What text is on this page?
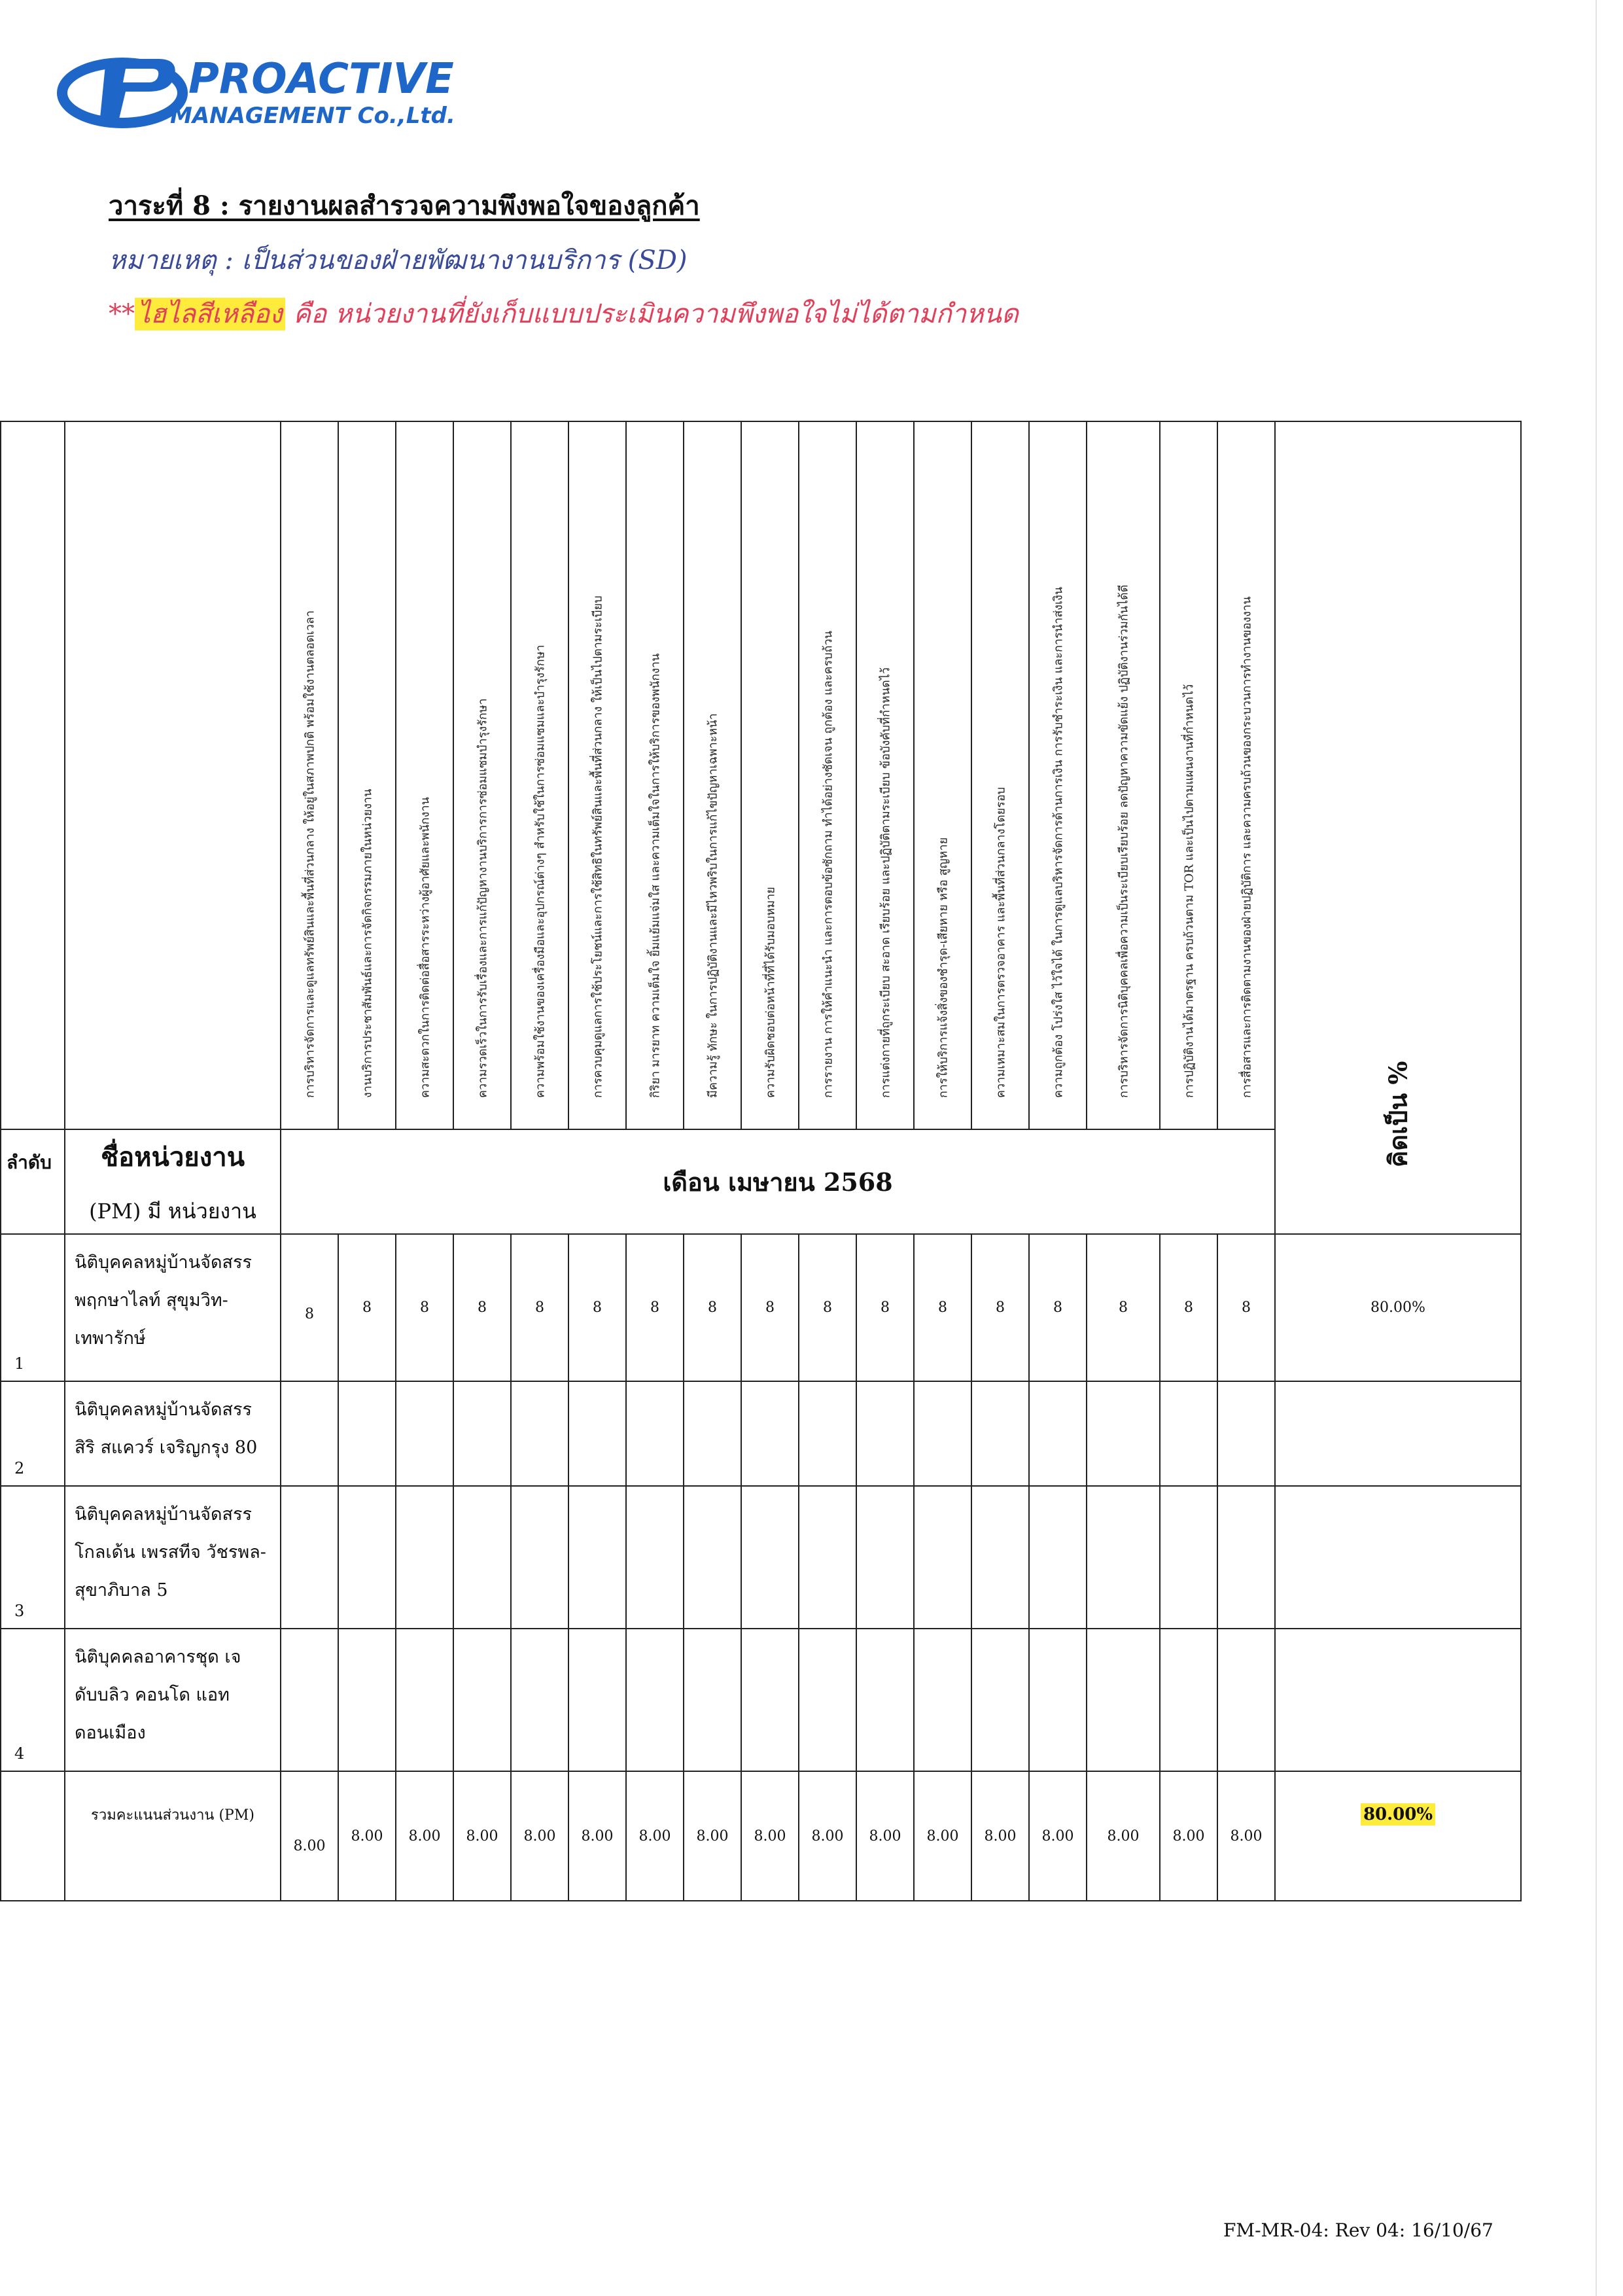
PROACTIVE
MANAGEMENT Co.,Ltd.
วาระที่ 8 : รายงานผลสำรวจความพึงพอใจของลูกค้า
หมายเหตุ : เป็นส่วนของฝ่ายพัฒนางานบริการ (SD)
** ไฮไลสีเหลือง คือ หน่วยงานที่ยังเก็บแบบประเมินความพึงพอใจไม่ได้ตามกำหนด

		การบริหารจัดการและดูแลทรัพย์สินและพื้นที่ส่วนกลาง ให้อยู่ในสภาพปกติ พร้อมใช้งานตลอดเวลา	งานบริการประชาสัมพันธ์และการจัดกิจกรรมภายในหน่วยงาน	ความสะดวกในการติดต่อสื่อสารระหว่างผู้อาศัยและพนักงาน	ความรวดเร็วในการรับเรื่องและการแก้ปัญหางานบริการการซ่อมแซมบำรุงรักษา	ความพร้อมใช้งานของเครื่องมือและอุปกรณ์ต่างๆ สำหรับใช้ในการซ่อมแซมและบำรุงรักษา	การควบคุมดูแลการใช้ประโยชน์และการใช้สิทธิในทรัพย์สินและพื้นที่ส่วนกลาง ให้เป็นไปตามระเบียบ	กิริยา มารยาท ความเต็มใจ ยิ้มแย้มแจ่มใส และความเต็มใจในการให้บริการของพนักงาน	มีความรู้ ทักษะ ในการปฏิบัติงานและมีไหวพริบในการแก้ไขปัญหาเฉพาะหน้า	ความรับผิดชอบต่อหน้าที่ที่ได้รับมอบหมาย	การรายงาน การให้คำแนะนำ และการตอบข้อซักถาม ทำได้อย่างชัดเจน ถูกต้อง และครบถ้วน	การแต่งกายที่ถูกระเบียบ สะอาด เรียบร้อย และปฏิบัติตามระเบียบ ข้อบังคับที่กำหนดไว้	การให้บริการแจ้งสิ่งของชำรุด-เสียหาย หรือ สูญหาย	ความเหมาะสมในการตรวจอาคาร และพื้นที่ส่วนกลางโดยรอบ	ความถูกต้อง โปร่งใส ไว้ใจได้ ในการดูแลบริหารจัดการด้านการเงิน การรับชำระเงิน และการนำส่งเงิน	การบริหารจัดการนิติบุคคลเพื่อความเป็นระเบียบเรียบร้อย ลดปัญหาความขัดแย้ง ปฏิบัติงานร่วมกันได้ดี	การปฏิบัติงานได้มาตรฐาน ครบถ้วนตาม TOR และเป็นไปตามแผนงานที่กำหนดไว้	การสื่อสารและการติดตามงานของฝ่ายปฏิบัติการ และความครบถ้วนของกระบวนการทำงานของงาน	คิดเป็น %

ลำดับ	ชื่อหน่วยงาน
(PM) มี หน่วยงาน	เดือน เมษายน 2568																	
1	นิติบุคคลหมู่บ้านจัดสรร
พฤกษาไลท์ สุขุมวิท-
เทพารักษ์	8	8	8	8	8	8	8	8	8	8	8	8	8	8	8	8	8	80.00%
2	นิติบุคคลหมู่บ้านจัดสรร
สิริ สแควร์ เจริญกรุง 80																		

3	นิติบุคคลหมู่บ้านจัดสรร
โกลเด้น เพรสทีจ วัชรพล-
สุขาภิบาล 5																		

4	นิติบุคคลอาคารชุด เจ
ดับบลิว คอนโด แอท
ดอนเมือง																		

	รวมคะแนนส่วนงาน (PM)	8.00	8.00	8.00	8.00	8.00	8.00	8.00	8.00	8.00	8.00	8.00	8.00	8.00	8.00	8.00	8.00	8.00	80.00%
FM-MR-04: Rev 04: 16/10/67
